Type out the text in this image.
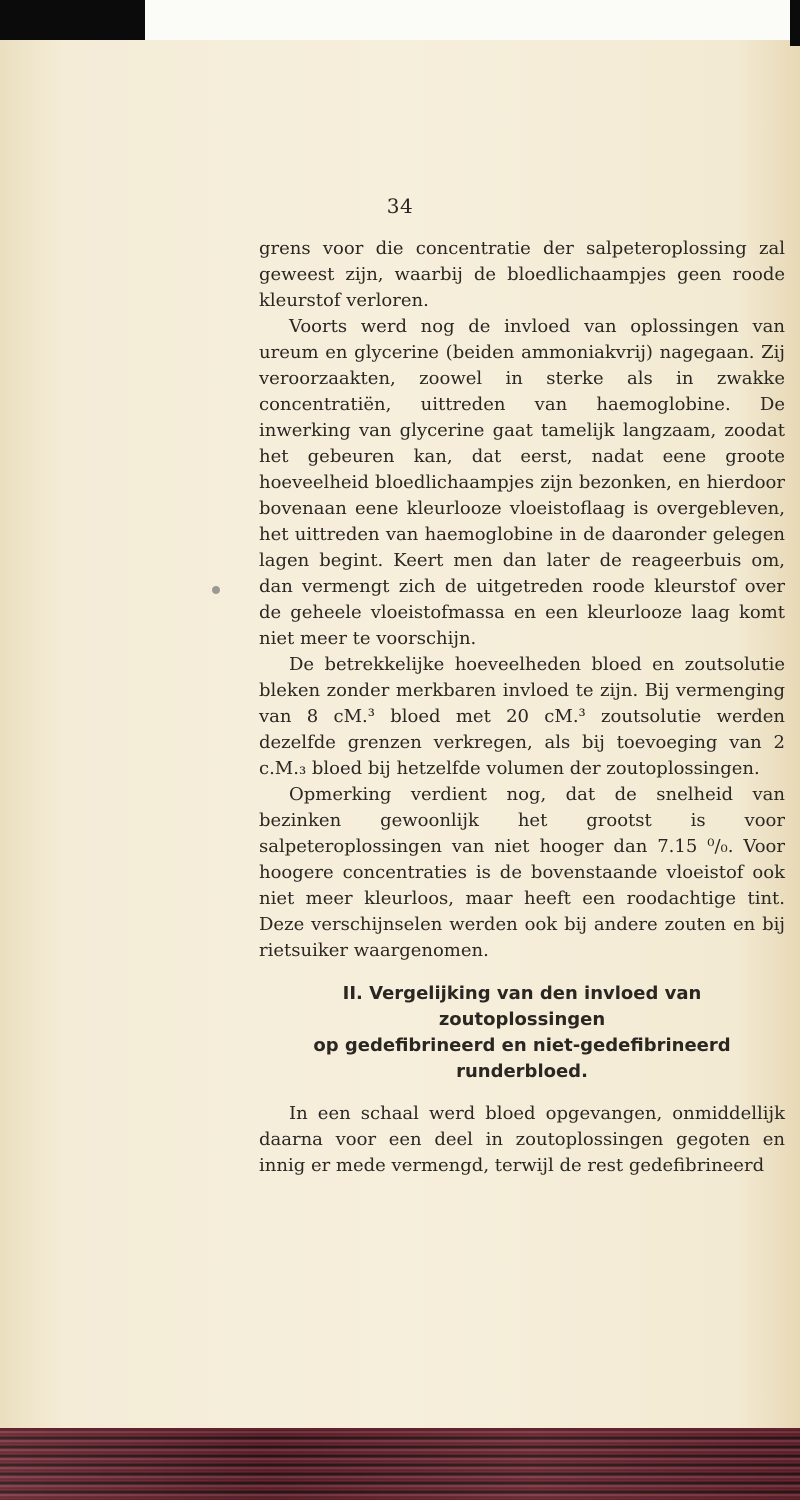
34

grens voor die concentratie der salpeteroplossing zal geweest zijn, waarbij de bloedlichaampjes geen roode kleurstof verloren.

Voorts werd nog de invloed van oplossingen van ureum en glycerine (beiden ammoniakvrij) nagegaan. Zij veroorzaakten, zoowel in sterke als in zwakke concentratiën, uittreden van haemoglobine. De inwerking van glycerine gaat tamelijk langzaam, zoodat het gebeuren kan, dat eerst, nadat eene groote hoeveelheid bloedlichaampjes zijn bezonken, en hierdoor bovenaan eene kleurlooze vloeistoflaag is overgebleven, het uittreden van haemoglobine in de daaronder gelegen lagen begint. Keert men dan later de reageerbuis om, dan vermengt zich de uitgetreden roode kleurstof over de geheele vloeistofmassa en een kleurlooze laag komt niet meer te voorschijn.

De betrekkelijke hoeveelheden bloed en zoutsolutie bleken zonder merkbaren invloed te zijn. Bij vermenging van 8 cM.³ bloed met 20 cM.³ zoutsolutie werden dezelfde grenzen verkregen, als bij toevoeging van 2 c.M.₃ bloed bij hetzelfde volumen der zoutoplossingen.

Opmerking verdient nog, dat de snelheid van bezinken gewoonlijk het grootst is voor salpeteroplossingen van niet hooger dan 7.15 ⁰/₀. Voor hoogere concentraties is de bovenstaande vloeistof ook niet meer kleurloos, maar heeft een roodachtige tint. Deze verschijnselen werden ook bij andere zouten en bij rietsuiker waargenomen.

II. Vergelijking van den invloed van zoutoplossingen
op gedefibrineerd en niet-gedefibrineerd
runderbloed.

In een schaal werd bloed opgevangen, onmiddellijk daarna voor een deel in zoutoplossingen gegoten en innig er mede vermengd, terwijl de rest gedefibrineerd
